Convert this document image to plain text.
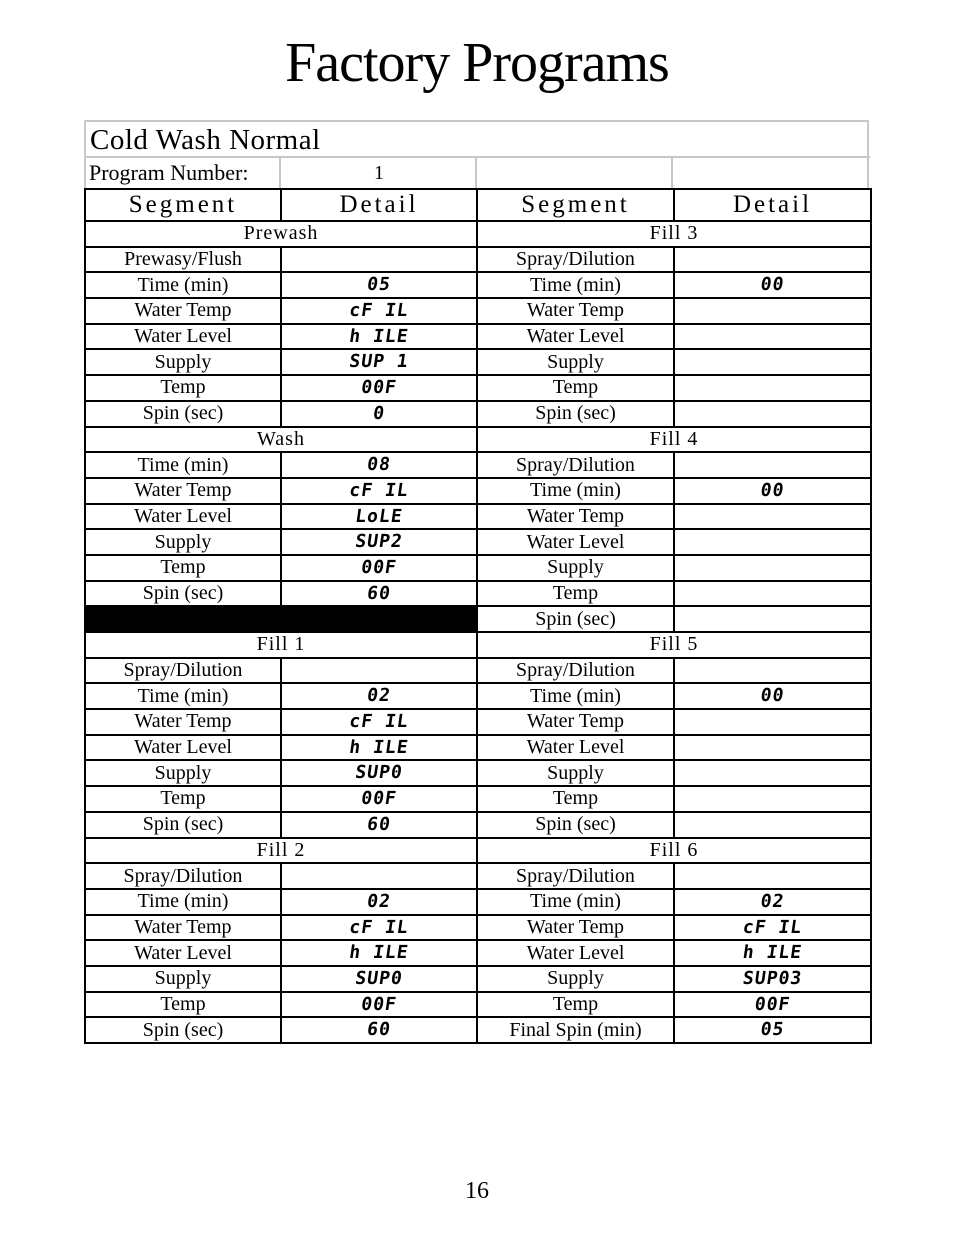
Factory Programs
Cold Wash Normal
Program Number:	1
Segment	Detail	Segment	Detail
Prewash		Fill 3	
Prewasy/Flush		Spray/Dilution	
Time (min)	05	Time (min)	00
Water Temp	cF IL	Water Temp	
Water Level	h ILE	Water Level	
Supply	SUP 1	Supply	
Temp	00F	Temp	
Spin (sec)	0	Spin (sec)	
Wash		Fill 4	
Time (min)	08	Spray/Dilution	
Water Temp	cF IL	Time (min)	00
Water Level	LoLE	Water Temp	
Supply	SUP2	Water Level	
Temp	00F	Supply	
Spin (sec)	60	Temp	
		Spin (sec)	
Fill 1		Fill 5	
Spray/Dilution		Spray/Dilution	
Time (min)	02	Time (min)	00
Water Temp	cF IL	Water Temp	
Water Level	h ILE	Water Level	
Supply	SUP0	Supply	
Temp	00F	Temp	
Spin (sec)	60	Spin (sec)	
Fill 2		Fill 6	
Spray/Dilution		Spray/Dilution	
Time (min)	02	Time (min)	02
Water Temp	cF IL	Water Temp	cF IL
Water Level	h ILE	Water Level	h ILE
Supply	SUP0	Supply	SUP03
Temp	00F	Temp	00F
Spin (sec)	60	Final Spin (min)	05
16
